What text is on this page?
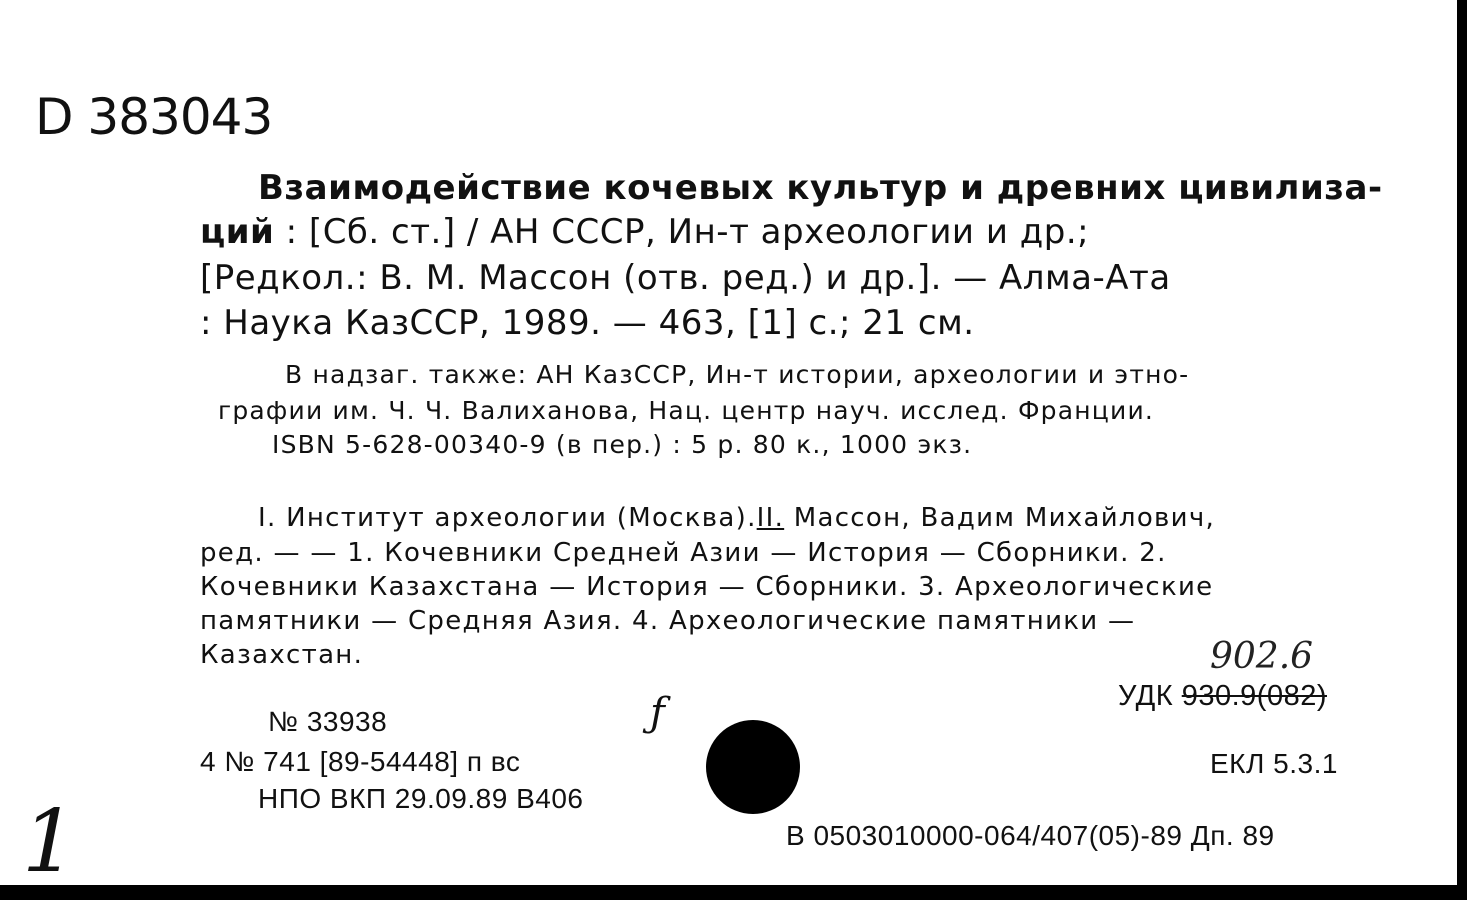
D 383043
Взаимодействие кочевых культур и древних цивилиза-
ций : [Сб. ст.] / АН СССР, Ин-т археологии и др.;
[Редкол.: В. М. Массон (отв. ред.) и др.]. — Алма-Ата
: Наука КазССР, 1989. — 463, [1] с.; 21 см.
В надзаг. также: АН КазССР, Ин-т истории, археологии и этно-
графии им. Ч. Ч. Валиханова, Нац. центр науч. исслед. Франции.
ISBN 5-628-00340-9 (в пер.) : 5 р. 80 к., 1000 экз.
I. Институт археологии (Москва).II. Массон, Вадим Михайлович,
ред. — — 1. Кочевники Средней Азии — История — Сборники. 2.
Кочевники Казахстана — История — Сборники. 3. Археологические
памятники — Средняя Азия. 4. Археологические памятники —
Казахстан.	902.6
УДК 930.9(082)
ƒ
№ 33938
4 № 741 [89-54448] п вс
НПО ВКП 29.09.89 В406
ЕКЛ 5.3.1
В 0503010000-064/407(05)-89 Дп. 89
1
